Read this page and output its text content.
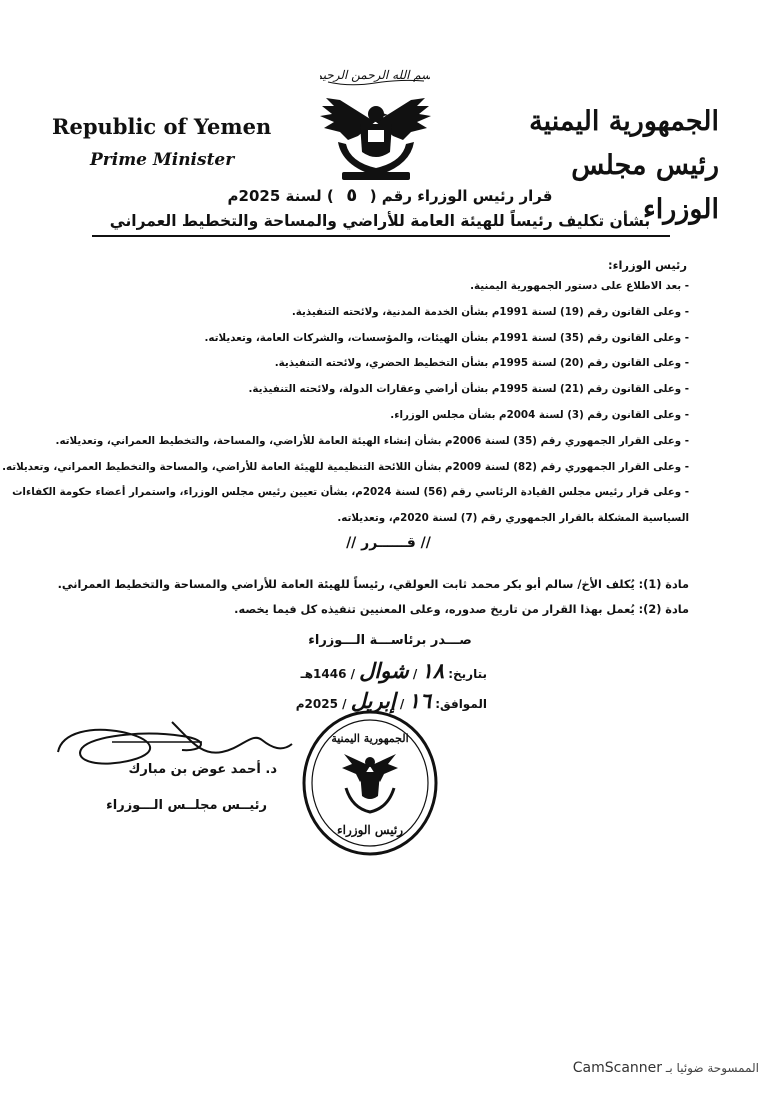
بسم الله الرحمن الرحيم
Republic of Yemen
Prime Minister
الجمهورية اليمنية
رئيس مجلس الوزراء
قرار رئيس الوزراء رقم (٥) لسنة 2025م
بشأن تكليف رئيساً للهيئة العامة للأراضي والمساحة والتخطيط العمراني
رئيس الوزراء:
- بعد الاطلاع على دستور الجمهورية اليمنية.
- وعلى القانون رقم (19) لسنة 1991م بشأن الخدمة المدنية، ولائحته التنفيذية.
- وعلى القانون رقم (35) لسنة 1991م بشأن الهيئات، والمؤسسات، والشركات العامة، وتعديلاته.
- وعلى القانون رقم (20) لسنة 1995م بشأن التخطيط الحضري، ولائحته التنفيذية.
- وعلى القانون رقم (21) لسنة 1995م بشأن أراضي وعقارات الدولة، ولائحته التنفيذية.
- وعلى القانون رقم (3) لسنة 2004م بشأن مجلس الوزراء.
- وعلى القرار الجمهوري رقم (35) لسنة 2006م بشأن إنشاء الهيئة العامة للأراضي، والمساحة، والتخطيط العمراني، وتعديلاته.
- وعلى القرار الجمهوري رقم (82) لسنة 2009م بشأن اللائحة التنظيمية للهيئة العامة للأراضي، والمساحة والتخطيط العمراني، وتعديلاته.
- وعلى قرار رئيس مجلس القيادة الرئاسي رقم (56) لسنة 2024م، بشأن تعيين رئيس مجلس الوزراء، واستمرار أعضاء حكومة الكفاءات
السياسية المشكلة بالقرار الجمهوري رقم (7) لسنة 2020م، وتعديلاته.
// قــــــرر //
مادة (1): يُكلف الأخ/ سالم أبو بكر محمد ثابت العولقي، رئيساً للهيئة العامة للأراضي والمساحة والتخطيط العمراني.
مادة (2): يُعمل بهذا القرار من تاريخ صدوره، وعلى المعنيين تنفيذه كل فيما يخصه.
صـــدر برئاســـة الـــوزراء
بتاريخ: ١٨ / شوال / 1446هـ
الموافق: ١٦ / إبريل / 2025م
الجمهورية اليمنية
رئيس الوزراء
د. أحمد عوض بن مبارك
رئيــس مجلــس الـــوزراء
الممسوحة ضوئيا بـ CamScanner
